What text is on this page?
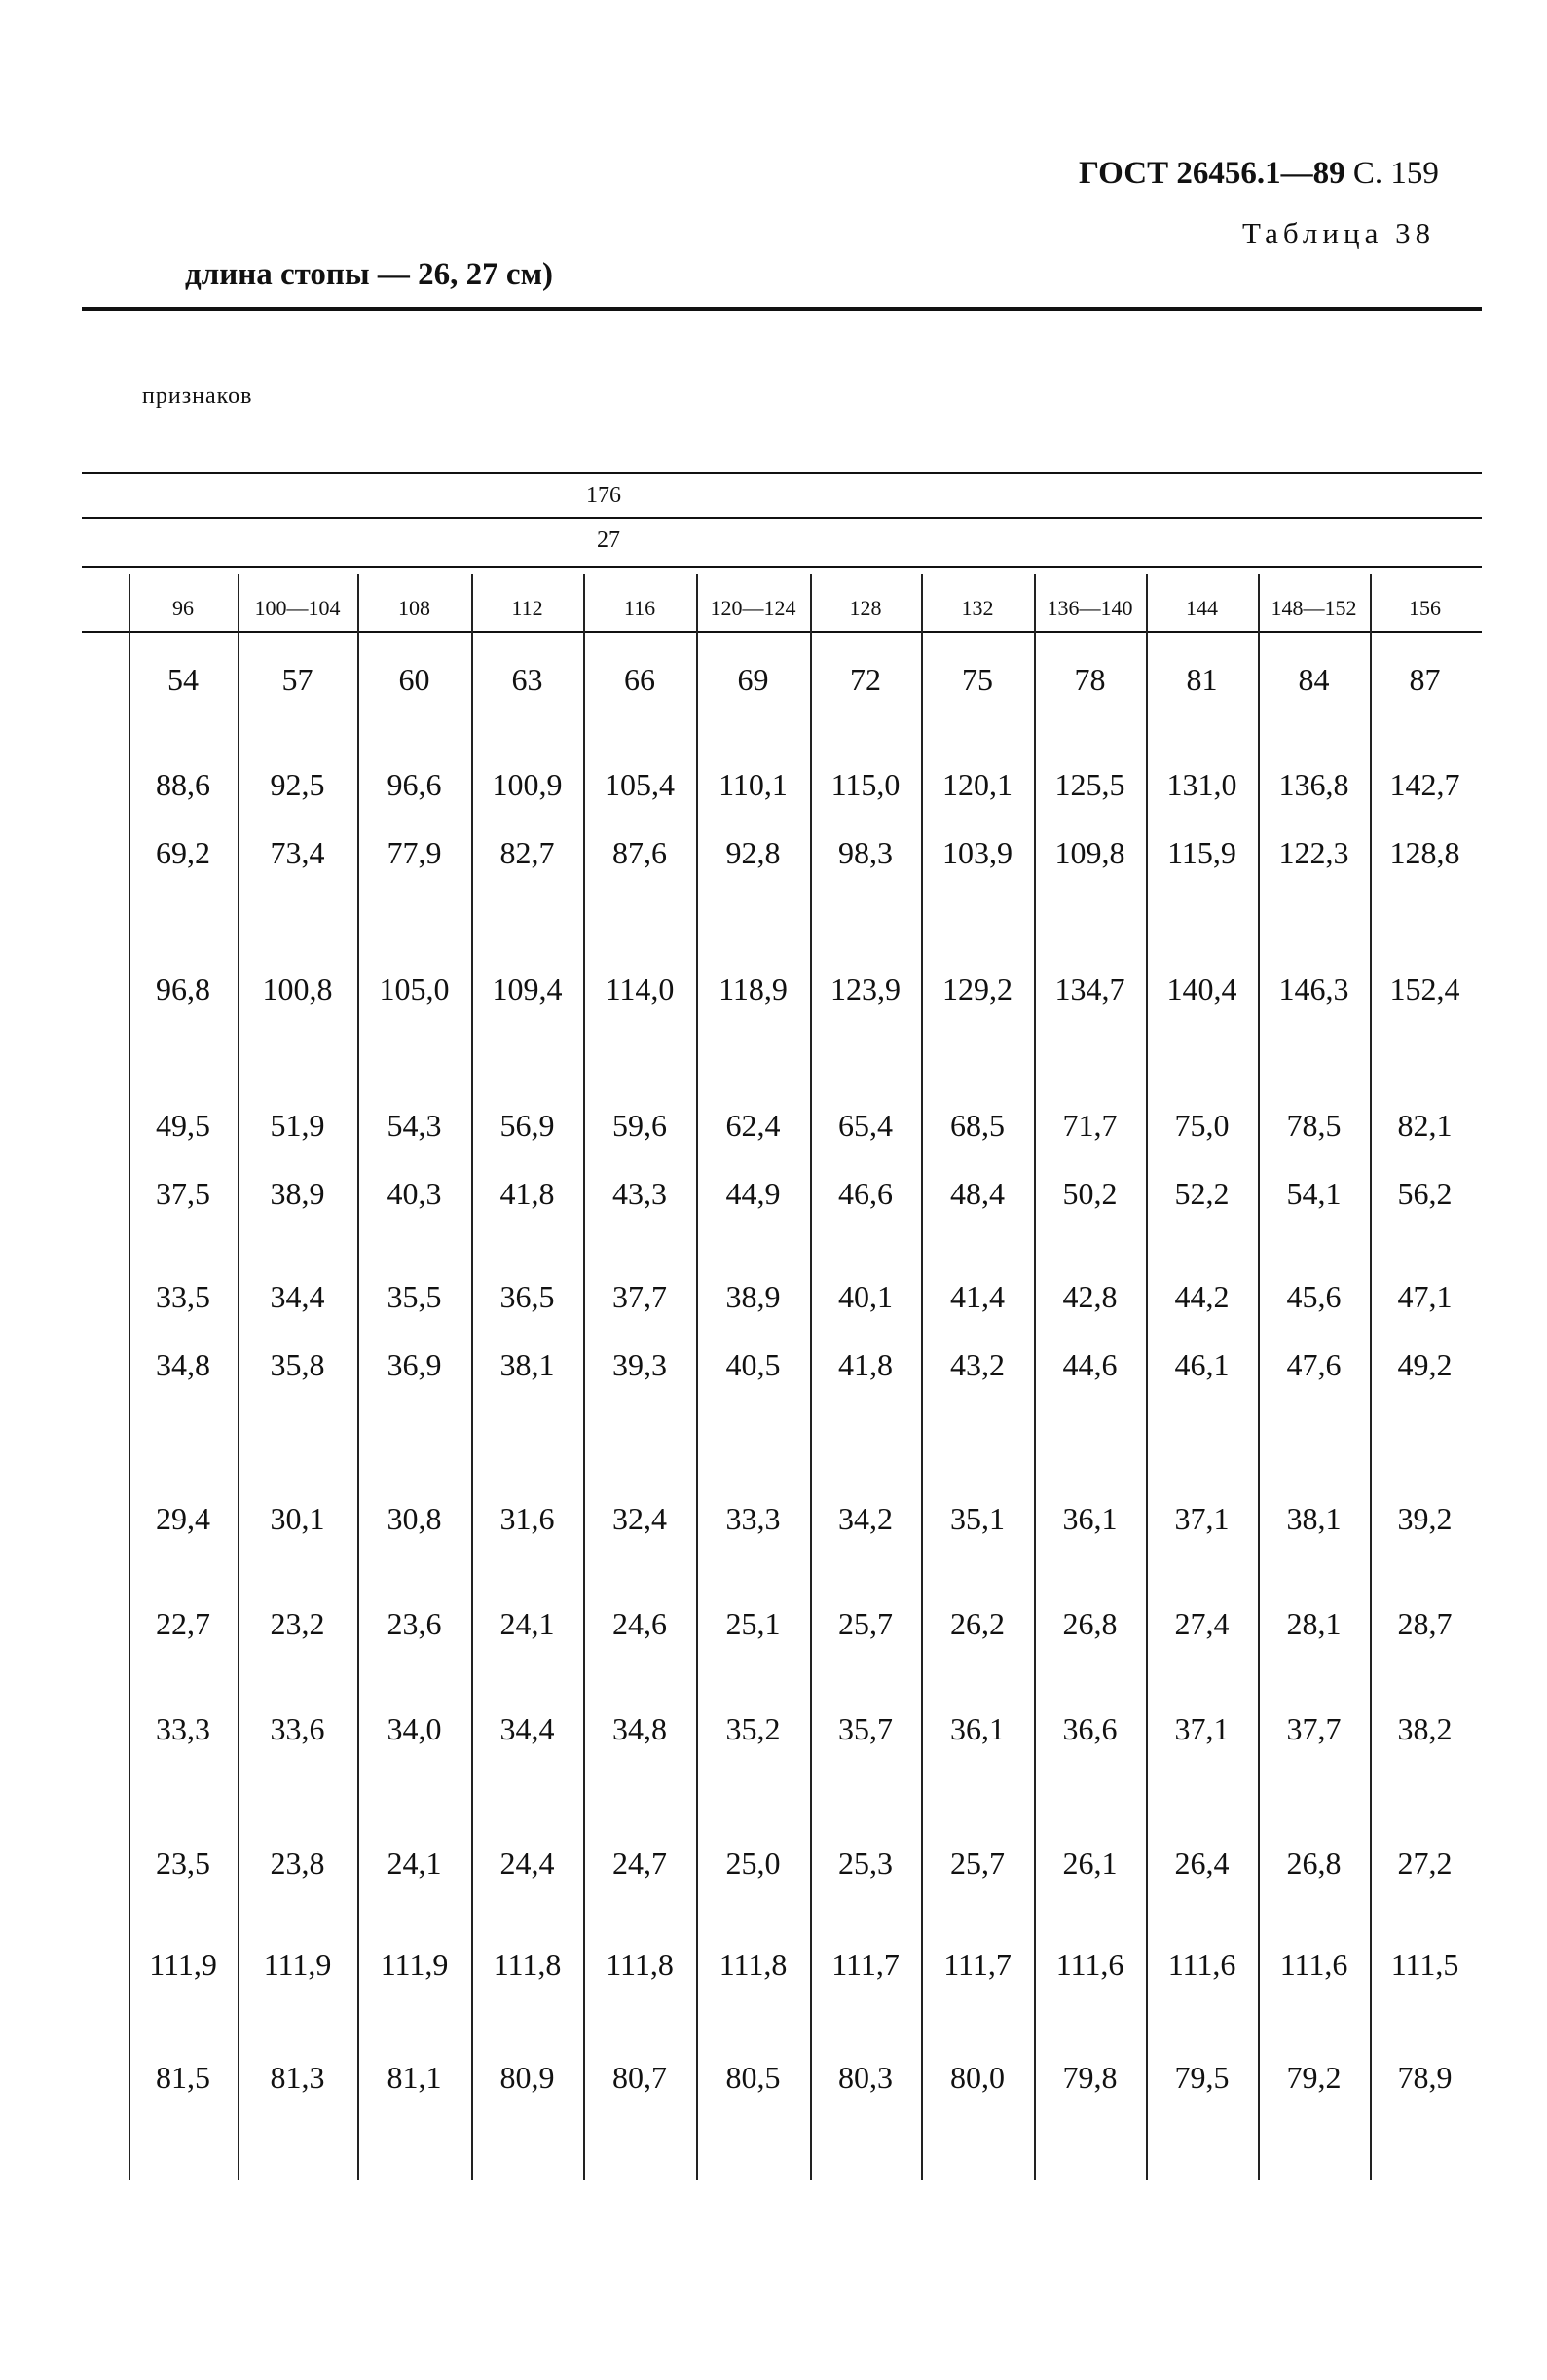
ГОСТ 26456.1—89 С. 159
Таблица 38
длина стопы — 26, 27 см)
признаков
176
27
96	100—104	108	112	116	120—124	128	132	136—140	144	148—152	156
54	57	60	63	66	69	72	75	78	81	84	87
88,6	92,5	96,6	100,9	105,4	110,1	115,0	120,1	125,5	131,0	136,8	142,7
69,2	73,4	77,9	82,7	87,6	92,8	98,3	103,9	109,8	115,9	122,3	128,8
96,8	100,8	105,0	109,4	114,0	118,9	123,9	129,2	134,7	140,4	146,3	152,4
49,5	51,9	54,3	56,9	59,6	62,4	65,4	68,5	71,7	75,0	78,5	82,1
37,5	38,9	40,3	41,8	43,3	44,9	46,6	48,4	50,2	52,2	54,1	56,2
33,5	34,4	35,5	36,5	37,7	38,9	40,1	41,4	42,8	44,2	45,6	47,1
34,8	35,8	36,9	38,1	39,3	40,5	41,8	43,2	44,6	46,1	47,6	49,2
29,4	30,1	30,8	31,6	32,4	33,3	34,2	35,1	36,1	37,1	38,1	39,2
22,7	23,2	23,6	24,1	24,6	25,1	25,7	26,2	26,8	27,4	28,1	28,7
33,3	33,6	34,0	34,4	34,8	35,2	35,7	36,1	36,6	37,1	37,7	38,2
23,5	23,8	24,1	24,4	24,7	25,0	25,3	25,7	26,1	26,4	26,8	27,2
111,9	111,9	111,9	111,8	111,8	111,8	111,7	111,7	111,6	111,6	111,6	111,5
81,5	81,3	81,1	80,9	80,7	80,5	80,3	80,0	79,8	79,5	79,2	78,9
